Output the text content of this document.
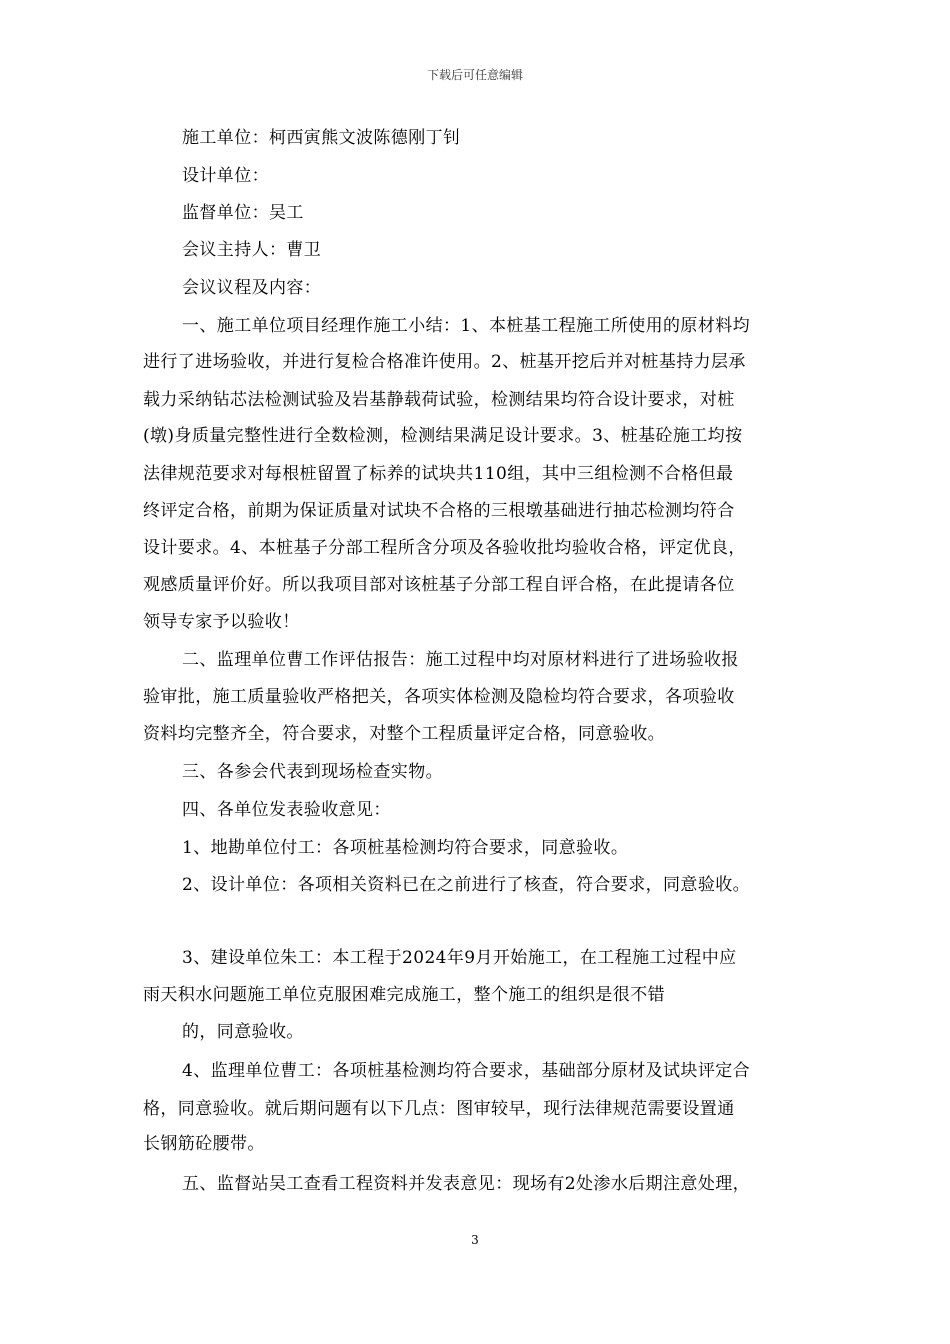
下载后可任意编辑
施工单位：柯西寅熊文波陈德刚丁钊
设计单位：
监督单位：吴工
会议主持人：曹卫
会议议程及内容：
一、施工单位项目经理作施工小结：1、本桩基工程施工所使用的原材料均
进行了进场验收，并进行复检合格准许使用。2、桩基开挖后并对桩基持力层承
载力采纳钻芯法检测试验及岩基静载荷试验，检测结果均符合设计要求，对桩
(墩)身质量完整性进行全数检测，检测结果满足设计要求。3、桩基砼施工均按
法律规范要求对每根桩留置了标养的试块共110组，其中三组检测不合格但最
终评定合格，前期为保证质量对试块不合格的三根墩基础进行抽芯检测均符合
设计要求。4、本桩基子分部工程所含分项及各验收批均验收合格，评定优良，
观感质量评价好。所以我项目部对该桩基子分部工程自评合格，在此提请各位
领导专家予以验收！
二、监理单位曹工作评估报告：施工过程中均对原材料进行了进场验收报
验审批，施工质量验收严格把关，各项实体检测及隐检均符合要求，各项验收
资料均完整齐全，符合要求，对整个工程质量评定合格，同意验收。
三、各参会代表到现场检查实物。
四、各单位发表验收意见：
1、地勘单位付工：各项桩基检测均符合要求，同意验收。
2、设计单位：各项相关资料已在之前进行了核查，符合要求，同意验收。
3、建设单位朱工：本工程于2024年9月开始施工，在工程施工过程中应
雨天积水问题施工单位克服困难完成施工，整个施工的组织是很不错
的，同意验收。
4、监理单位曹工：各项桩基检测均符合要求，基础部分原材及试块评定合
格，同意验收。就后期问题有以下几点：图审较早，现行法律规范需要设置通
长钢筋砼腰带。
五、监督站吴工查看工程资料并发表意见：现场有2处渗水后期注意处理，
3
